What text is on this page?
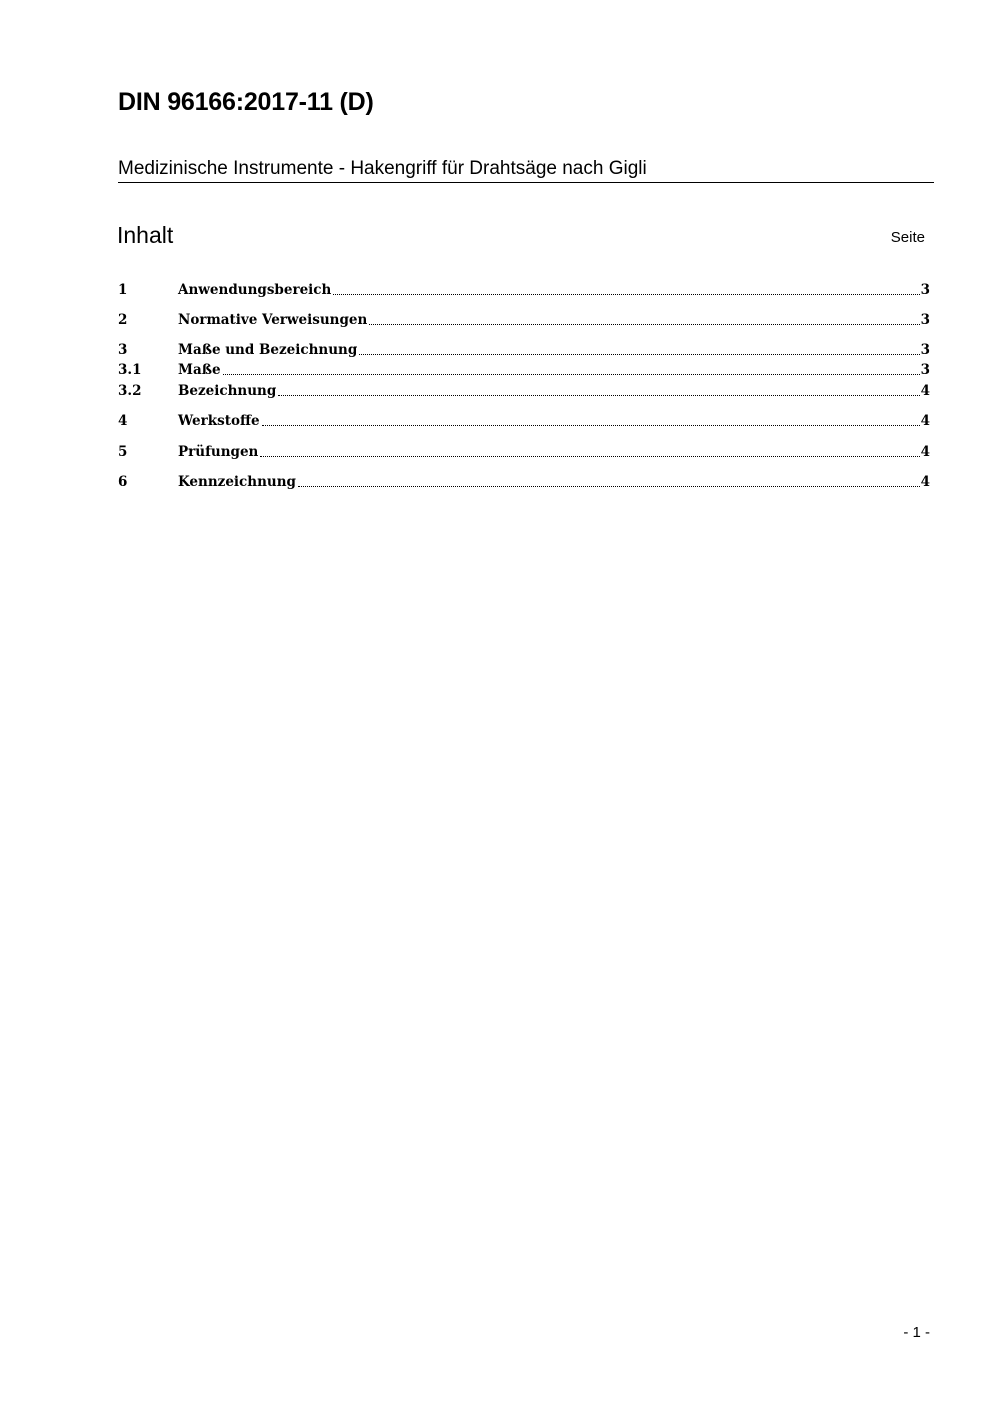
DIN 96166:2017-11 (D)
Medizinische Instrumente - Hakengriff für Drahtsäge nach Gigli
Inhalt	Seite
1	Anwendungsbereich	3
2	Normative Verweisungen	3
3	Maße und Bezeichnung	3
3.1	Maße	3
3.2	Bezeichnung	4
4	Werkstoffe	4
5	Prüfungen	4
6	Kennzeichnung	4
- 1 -
